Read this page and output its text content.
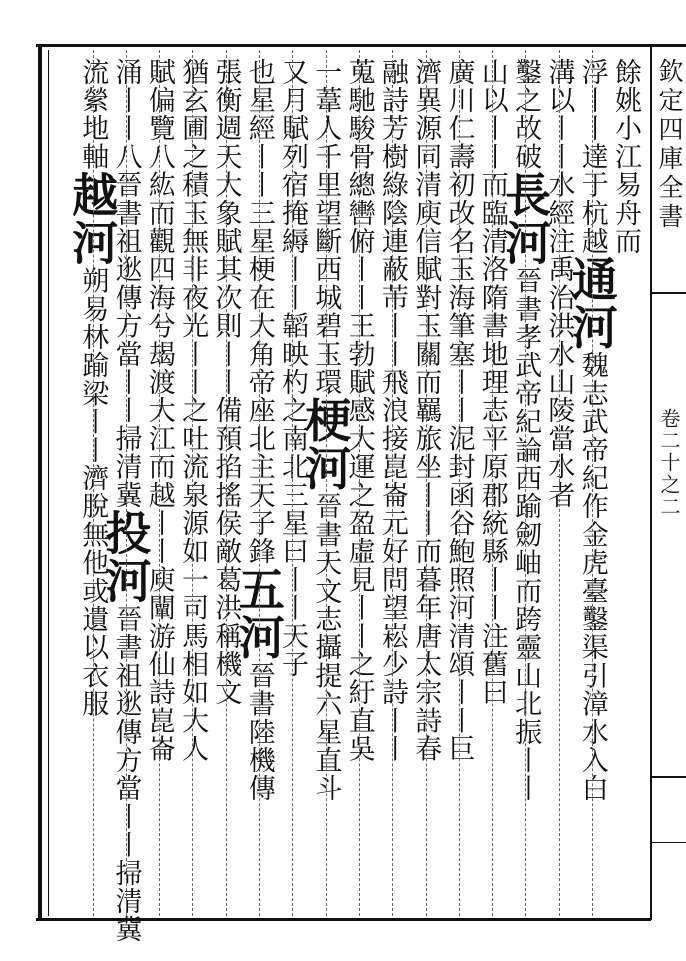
欽定四庫全書
卷二十之二
餘姚小江易舟而
浮丨丨達于杭越通河魏志武帝紀作金虎臺鑿渠引漳水入白
溝以丨丨水經注禹治洪水山陵當水者
鑿之故破長河晉書孝武帝紀論西踰劒岫而跨靈山北振丨丨
山以丨丨而臨清洛隋書地理志平原郡統縣丨丨注舊曰
廣川仁壽初改名玉海筆塞丨丨泥封函谷鮑照河清頌丨丨巨
濟異源同清庾信賦對玉關而羈旅坐丨丨而暮年唐太宗詩春
融詩芳樹綠陰連蔽芾丨丨飛浪接崑崙元好問望崧少詩丨丨
蒐馳駿骨總轡俯丨丨王勃賦感大運之盈虛見丨丨之紆直吳
一葦人千里望斷西城碧玉環梗河晉書天文志攝提六星直斗
又月賦列宿掩縟丨丨韜映杓之南北三星曰丨丨天子
也星經丨丨三星梗在大角帝座北主天子鋒五河晉書陸機傳
張衡週天大象賦其次則丨丨備預掐搖侯敵葛洪稱機文
猶玄圃之積玉無非夜光丨丨之吐流泉源如一司馬相如大人
賦偏覽八紘而觀四海兮朅渡大江而越丨丨庾闡游仙詩崑崙
涌丨丨八晉書祖逖傳方當丨丨掃清冀投河晉書祖逖傳方當丨丨掃清冀
流縈地軸越河朔易林踰梁丨丨濟脫無他或遺以衣服
